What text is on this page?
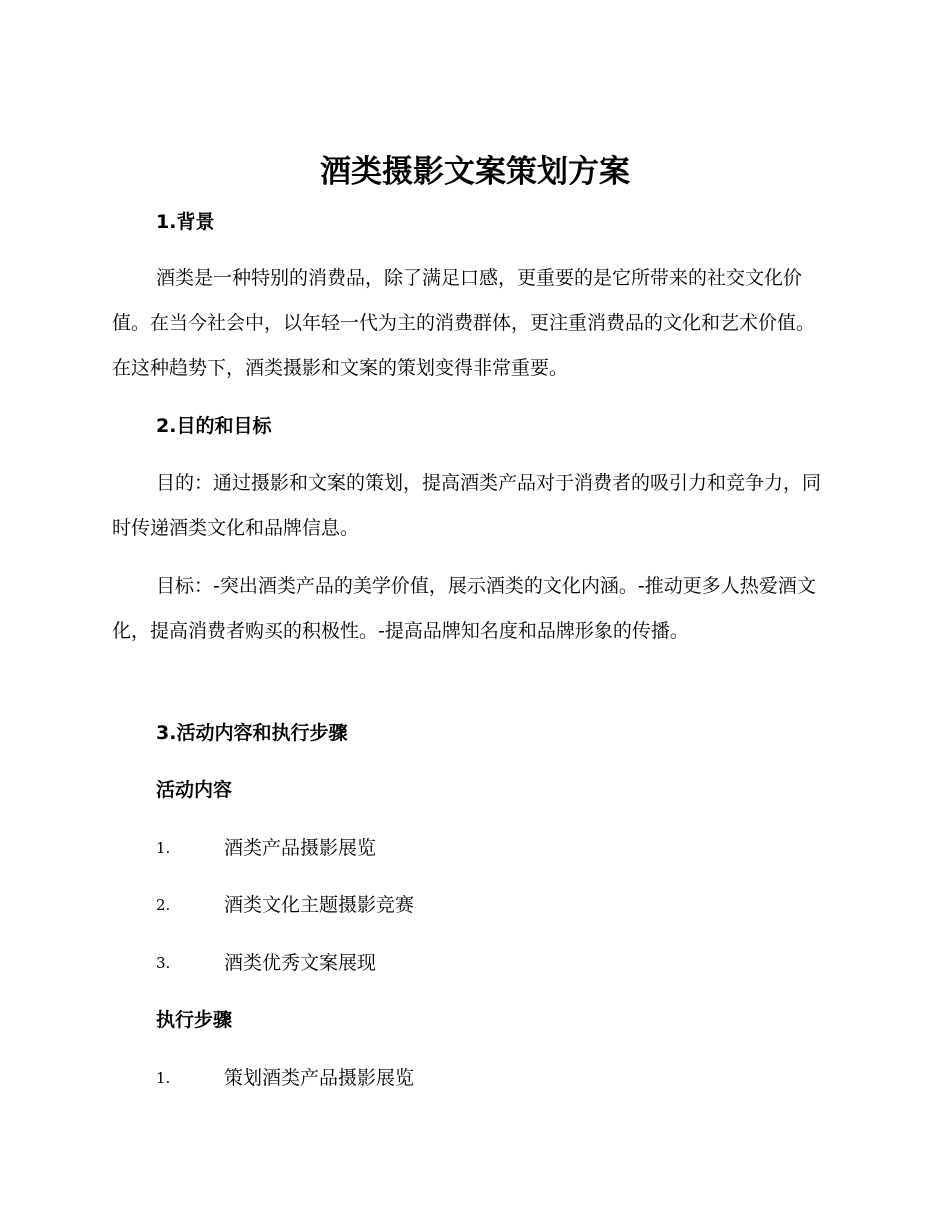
酒类摄影文案策划方案
1.背景

酒类是一种特别的消费品，除了满足口感，更重要的是它所带来的社交文化价值。在当今社会中，以年轻一代为主的消费群体，更注重消费品的文化和艺术价值。在这种趋势下，酒类摄影和文案的策划变得非常重要。

2.目的和目标

目的：通过摄影和文案的策划，提高酒类产品对于消费者的吸引力和竞争力，同时传递酒类文化和品牌信息。

目标：-突出酒类产品的美学价值，展示酒类的文化内涵。-推动更多人热爱酒文化，提高消费者购买的积极性。-提高品牌知名度和品牌形象的传播。

3.活动内容和执行步骤
活动内容
1.	酒类产品摄影展览
2.	酒类文化主题摄影竞赛
3.	酒类优秀文案展现
执行步骤
1.	策划酒类产品摄影展览
